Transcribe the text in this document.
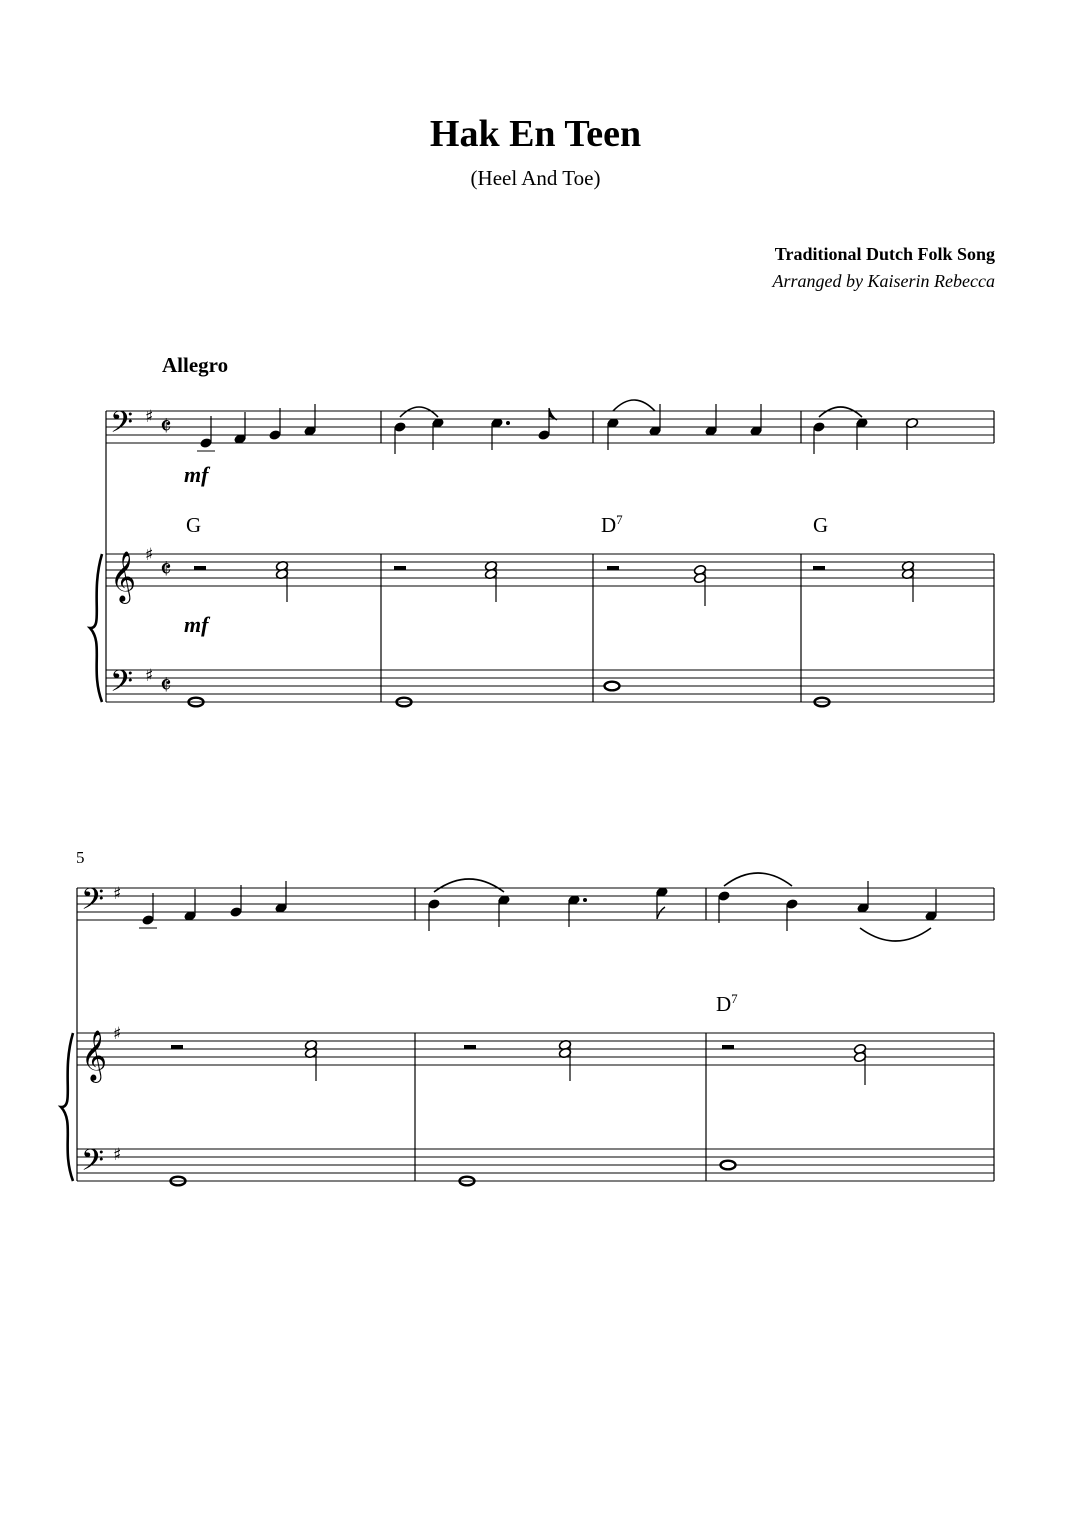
Hak En Teen
(Heel And Toe)
Traditional Dutch Folk Song
Arranged by Kaiserin Rebecca
Allegro
mf
mf
G	$D^7$	G
5
$D^7$
𝄢 ♯ 𝄵
𝄞 ♯ 𝄵
𝄢 ♯ 𝄵
𝄢 ♯
𝄞 ♯
𝄢 ♯
